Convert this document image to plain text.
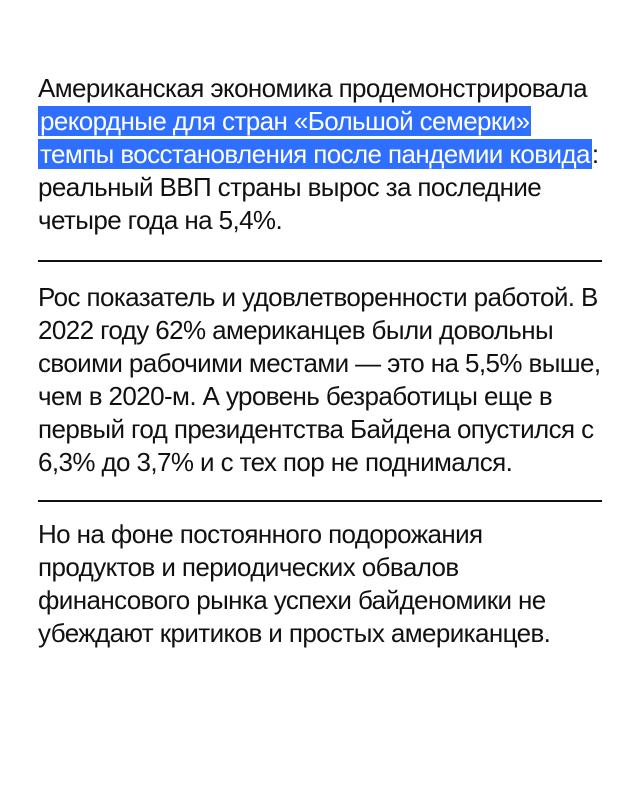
Американская экономика продемонстрировала рекордные для стран «Большой семерки» темпы восстановления после пандемии ковида: реальный ВВП страны вырос за последние четыре года на 5,4%.

Рос показатель и удовлетворенности работой. В 2022 году 62% американцев были довольны своими рабочими местами — это на 5,5% выше, чем в 2020-м. А уровень безработицы еще в первый год президентства Байдена опустился с 6,3% до 3,7% и с тех пор не поднимался.

Но на фоне постоянного подорожания продуктов и периодических обвалов финансового рынка успехи байденомики не убеждают критиков и простых американцев.
